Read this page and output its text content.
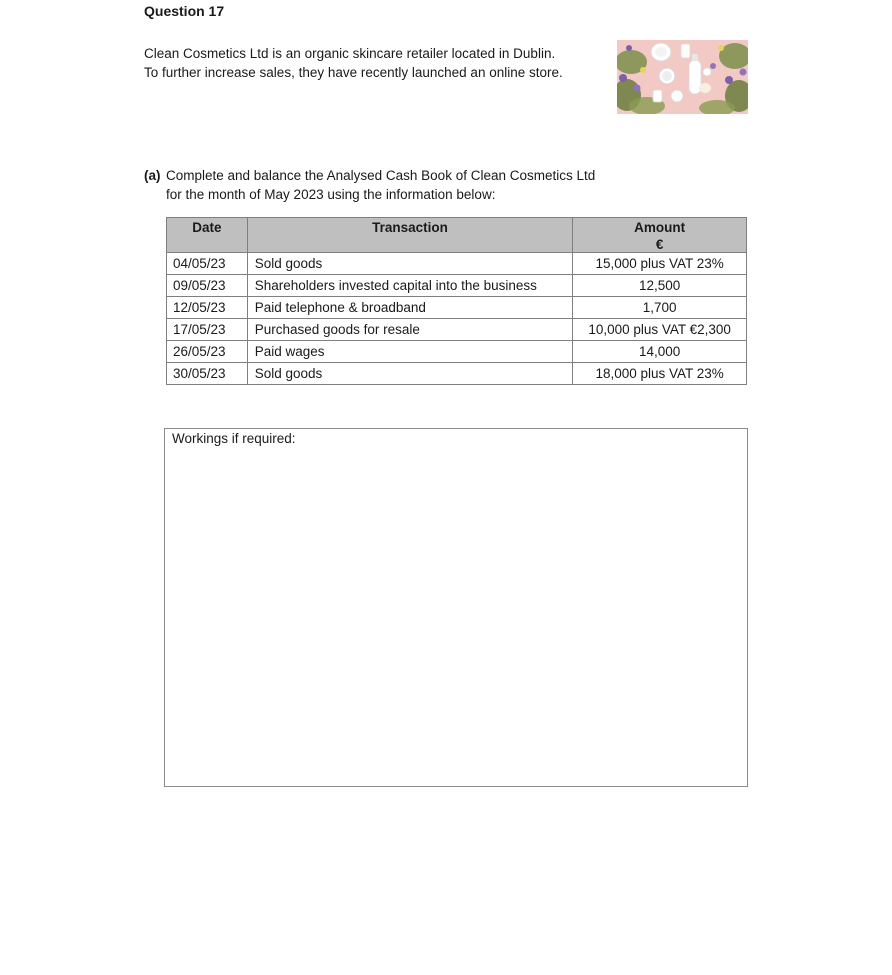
Question 17
Clean Cosmetics Ltd is an organic skincare retailer located in Dublin.
To further increase sales, they have recently launched an online store.
(a) Complete and balance the Analysed Cash Book of Clean Cosmetics Ltd
for the month of May 2023 using the information below:
Date	Transaction	Amount
€

04/05/23	Sold goods	15,000 plus VAT 23%
09/05/23	Shareholders invested capital into the business	12,500
12/05/23	Paid telephone & broadband	1,700
17/05/23	Purchased goods for resale	10,000 plus VAT €2,300
26/05/23	Paid wages	14,000
30/05/23	Sold goods	18,000 plus VAT 23%
Workings if required:
